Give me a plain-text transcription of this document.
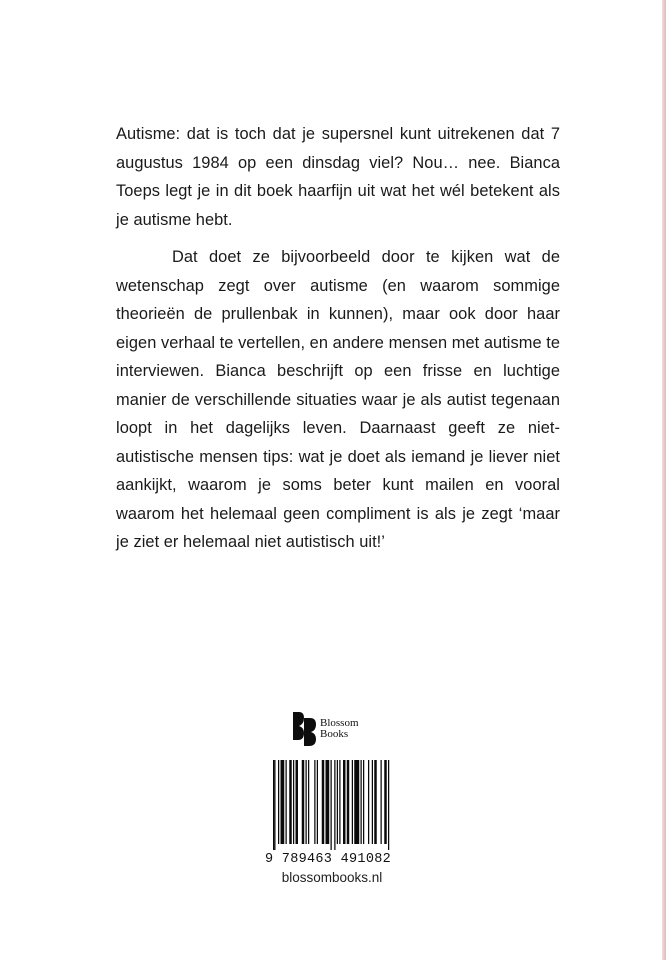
Autisme: dat is toch dat je supersnel kunt uitrekenen dat 7 augustus 1984 op een dinsdag viel? Nou… nee. Bianca Toeps legt je in dit boek haarfijn uit wat het wél betekent als je autisme hebt.

Dat doet ze bijvoorbeeld door te kijken wat de wetenschap zegt over autisme (en waarom sommige theorieën de prullenbak in kunnen), maar ook door haar eigen verhaal te vertellen, en andere mensen met autisme te interviewen. Bianca beschrijft op een frisse en luchtige manier de verschillende situaties waar je als autist tegenaan loopt in het dagelijks leven. Daarnaast geeft ze niet-autistische mensen tips: wat je doet als iemand je liever niet aankijkt, waarom je soms beter kunt mailen en vooral waarom het helemaal geen compliment is als je zegt ‘maar je ziet er helemaal niet autistisch uit!’

Blossom
Books
9 789463 491082
blossombooks.nl
